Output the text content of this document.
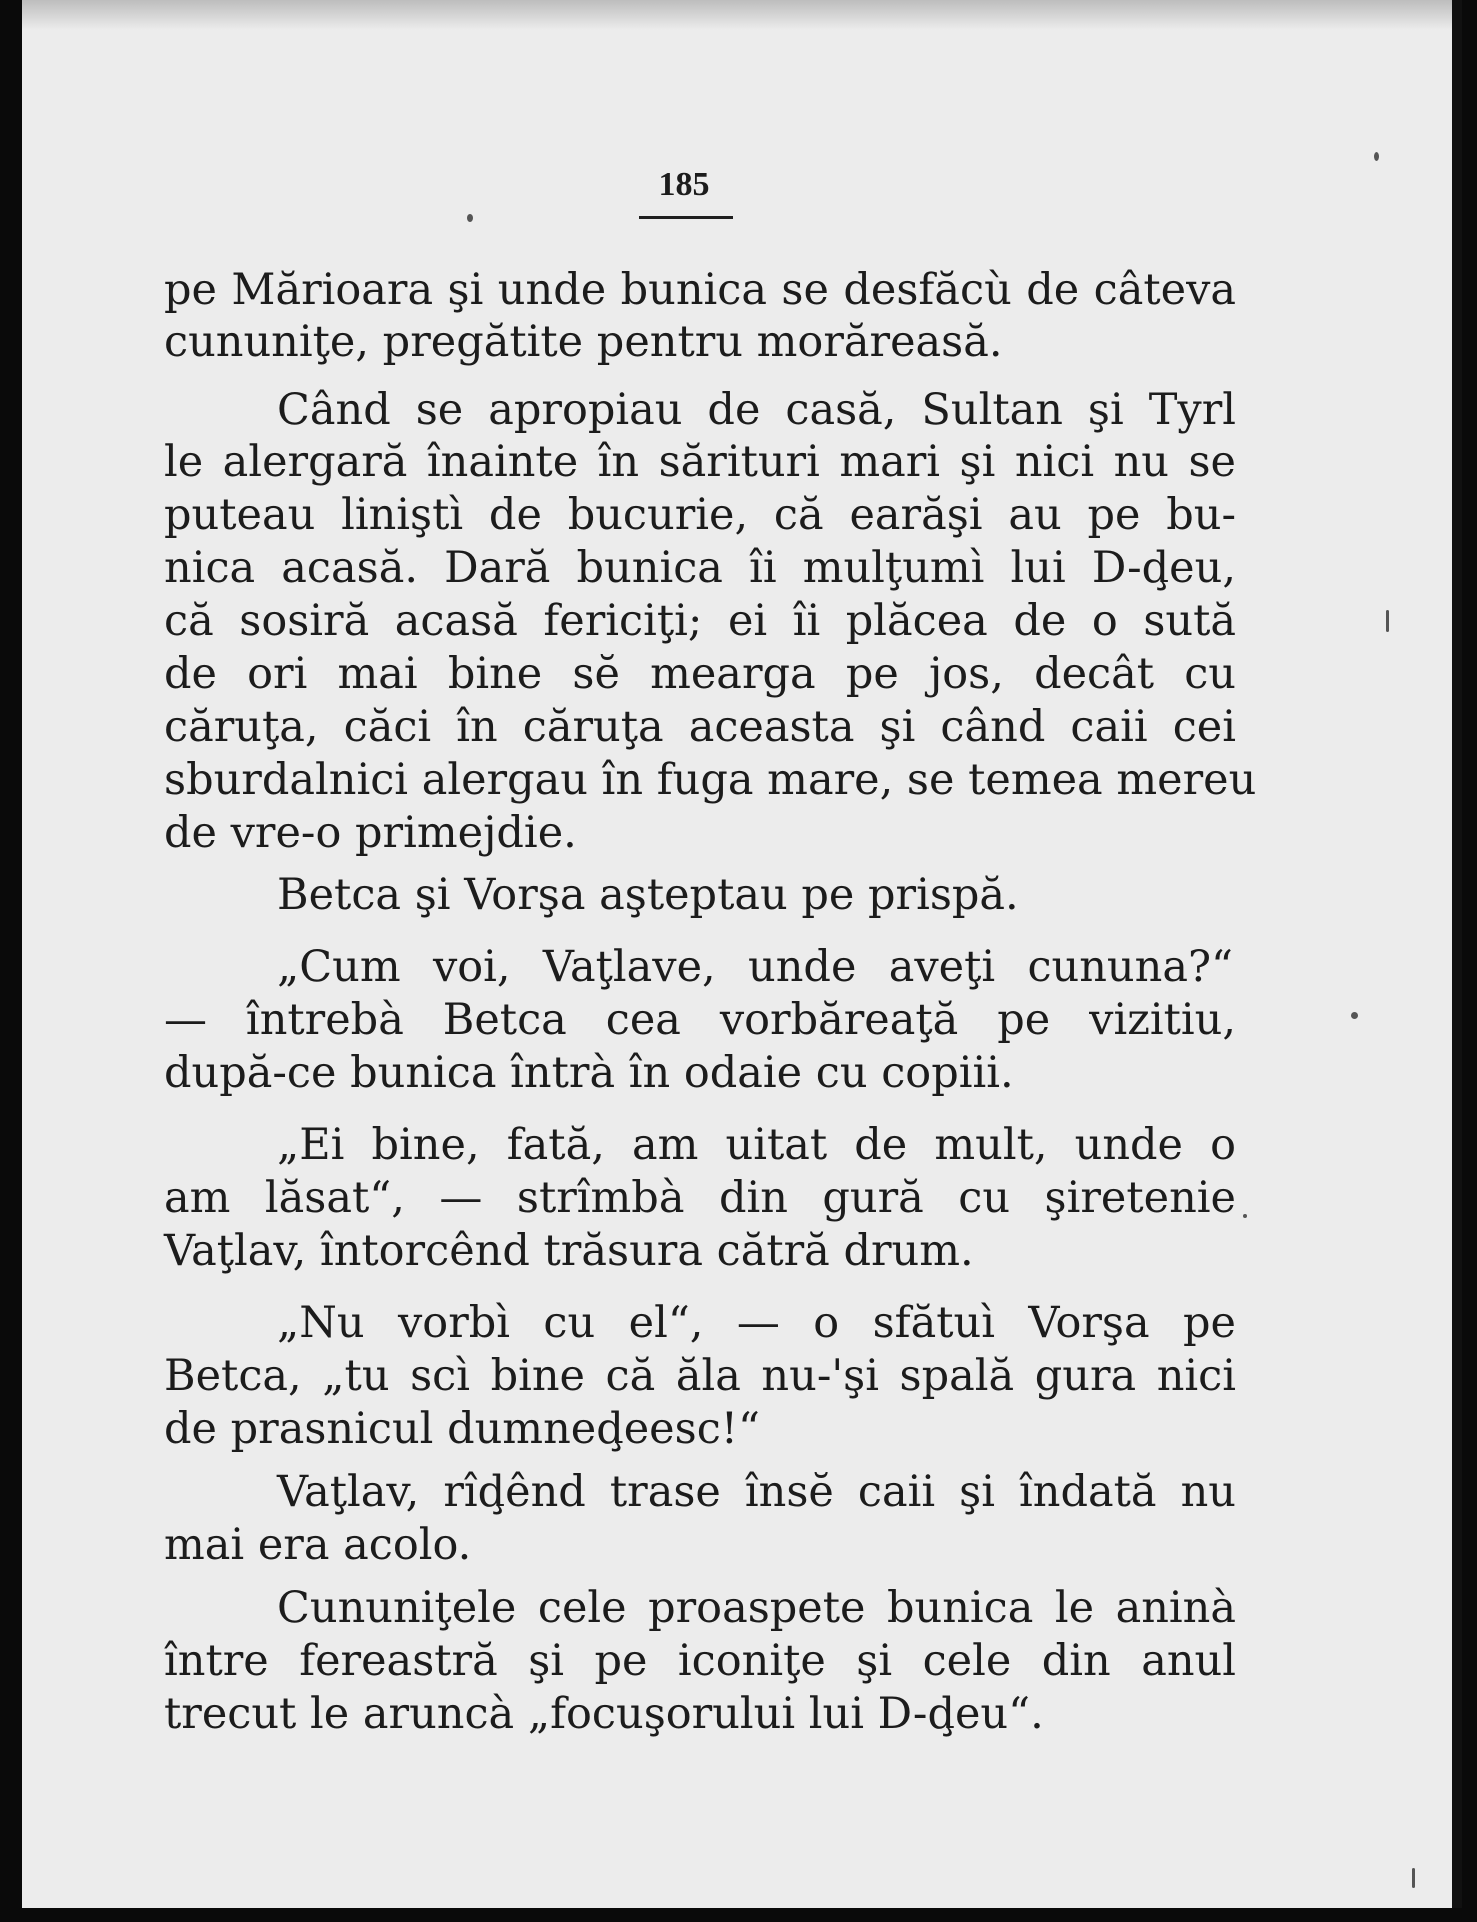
185
pe Mărioara şi unde bunica se desfăcù de câteva
cununiţe, pregătite pentru morăreasă.
Când se apropiau de casă, Sultan şi Tyrl
le alergară înainte în sărituri mari şi nici nu se
puteau liniştì de bucurie, că earăşi au pe bu-
nica acasă. Dară bunica îi mulţumì lui D-ḑeu,
că sosiră acasă fericiţi; ei îi plăcea de o sută
de ori mai bine sĕ mearga pe jos, decât cu
căruţa, căci în căruţa aceasta şi când caii cei
sburdalnici alergau în fuga mare, se temea mereu
de vre-o primejdie.
Betca şi Vorşa aşteptau pe prispă.
„Cum voi, Vaţlave, unde aveţi cununa?“
— întrebà Betca cea vorbăreaţă pe vizitiu,
după-ce bunica întrà în odaie cu copiii.
„Ei bine, fată, am uitat de mult, unde o
am lăsat“, — strîmbà din gură cu şiretenie
Vaţlav, întorcênd trăsura cătră drum.
„Nu vorbì cu el“, — o sfătuì Vorşa pe
Betca, „tu scì bine că ăla nu-'şi spală gura nici
de prasnicul dumneḑeesc!“
Vaţlav, rîḑênd trase însĕ caii şi îndată nu
mai era acolo.
Cununiţele cele proaspete bunica le aninà
între fereastră şi pe iconiţe şi cele din anul
trecut le aruncà „focuşorului lui D-ḑeu“.
